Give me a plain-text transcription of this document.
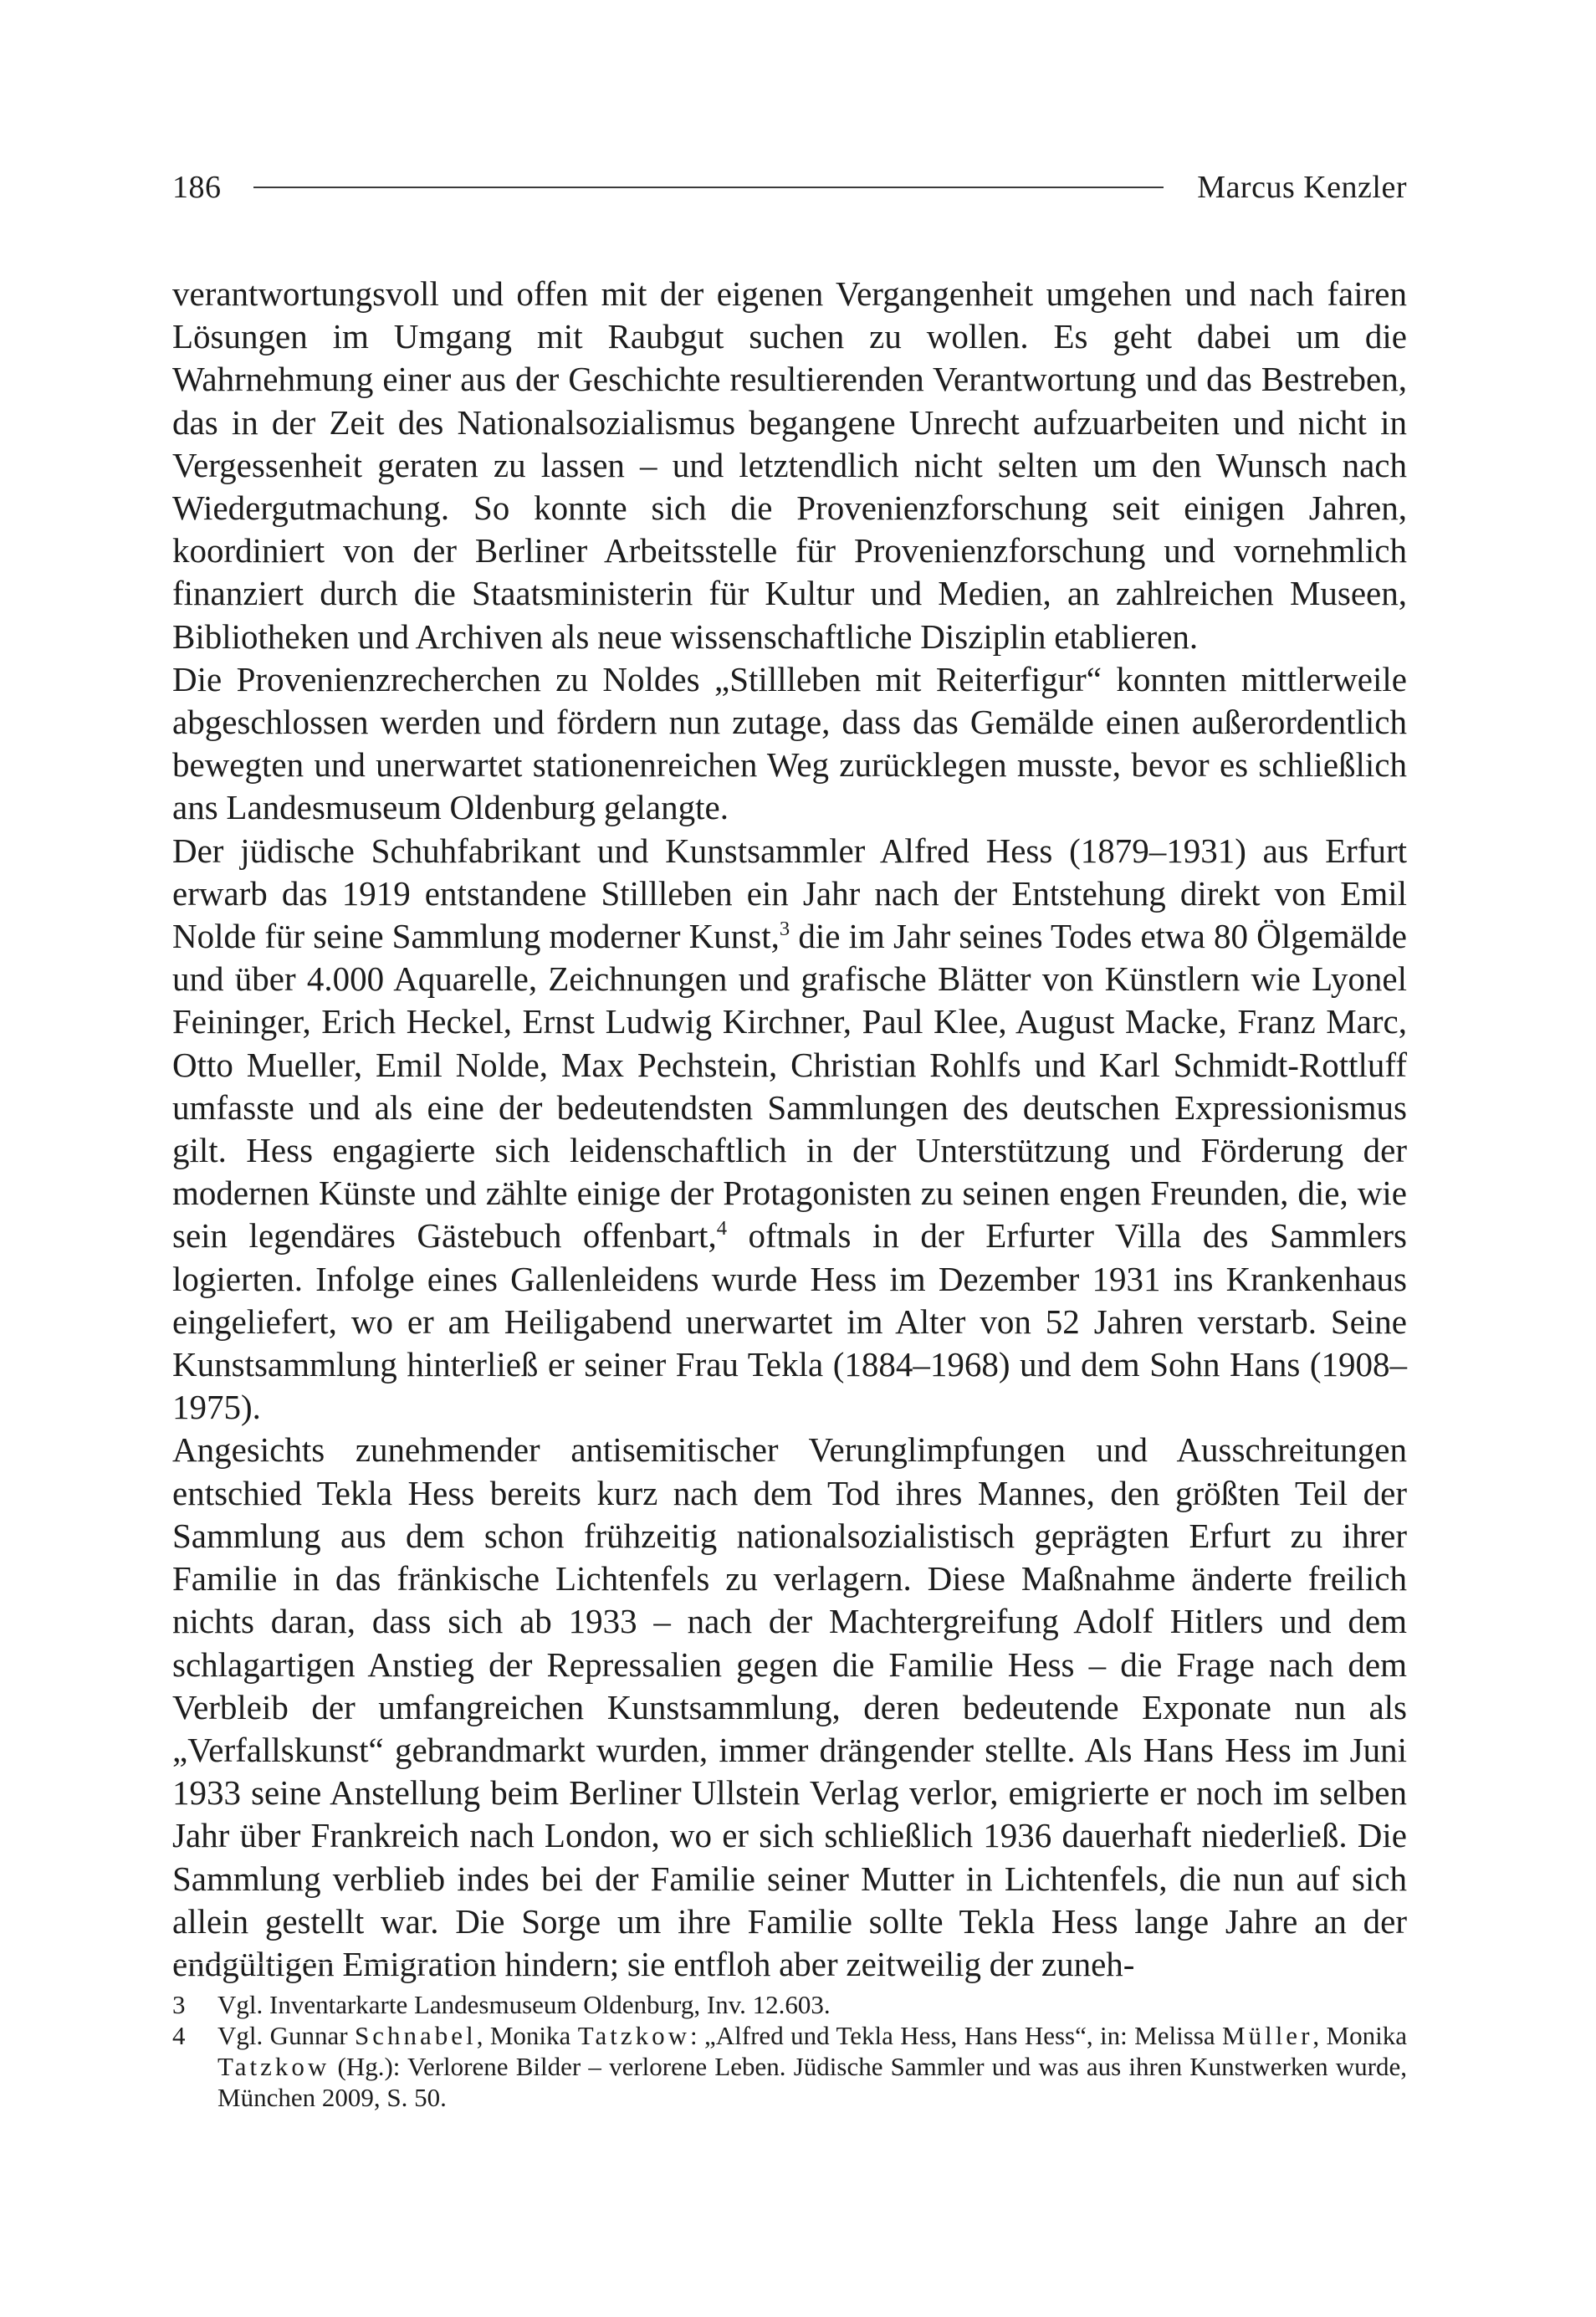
186	Marcus Kenzler

verantwortungsvoll und offen mit der eigenen Vergangenheit umgehen und nach fairen Lösungen im Umgang mit Raubgut suchen zu wollen. Es geht dabei um die Wahrnehmung einer aus der Geschichte resultierenden Verantwortung und das Bestreben, das in der Zeit des Nationalsozialismus begangene Unrecht aufzuarbeiten und nicht in Vergessenheit geraten zu lassen – und letztendlich nicht selten um den Wunsch nach Wiedergutmachung. So konnte sich die Provenienzforschung seit einigen Jahren, koordiniert von der Berliner Arbeitsstelle für Provenienzforschung und vornehmlich finanziert durch die Staatsministerin für Kultur und Medien, an zahlreichen Museen, Bibliotheken und Archiven als neue wissenschaftliche Disziplin etablieren.

Die Provenienzrecherchen zu Noldes „Stillleben mit Reiterfigur“ konnten mittlerweile abgeschlossen werden und fördern nun zutage, dass das Gemälde einen außerordentlich bewegten und unerwartet stationenreichen Weg zurücklegen musste, bevor es schließlich ans Landesmuseum Oldenburg gelangte.

Der jüdische Schuhfabrikant und Kunstsammler Alfred Hess (1879–1931) aus Erfurt erwarb das 1919 entstandene Stillleben ein Jahr nach der Entstehung direkt von Emil Nolde für seine Sammlung moderner Kunst,$^3$ die im Jahr seines Todes etwa 80 Ölgemälde und über 4.000 Aquarelle, Zeichnungen und grafische Blätter von Künstlern wie Lyonel Feininger, Erich Heckel, Ernst Ludwig Kirchner, Paul Klee, August Macke, Franz Marc, Otto Mueller, Emil Nolde, Max Pechstein, Christian Rohlfs und Karl Schmidt-Rottluff umfasste und als eine der bedeutendsten Sammlungen des deutschen Expressionismus gilt. Hess engagierte sich leidenschaftlich in der Unterstützung und Förderung der modernen Künste und zählte einige der Protagonisten zu seinen engen Freunden, die, wie sein legendäres Gästebuch offenbart,$^4$ oftmals in der Erfurter Villa des Sammlers logierten. Infolge eines Gallenleidens wurde Hess im Dezember 1931 ins Krankenhaus eingeliefert, wo er am Heiligabend unerwartet im Alter von 52 Jahren verstarb. Seine Kunstsammlung hinterließ er seiner Frau Tekla (1884–1968) und dem Sohn Hans (1908–1975).

Angesichts zunehmender antisemitischer Verunglimpfungen und Ausschreitungen entschied Tekla Hess bereits kurz nach dem Tod ihres Mannes, den größten Teil der Sammlung aus dem schon frühzeitig nationalsozialistisch geprägten Erfurt zu ihrer Familie in das fränkische Lichtenfels zu verlagern. Diese Maßnahme änderte freilich nichts daran, dass sich ab 1933 – nach der Machtergreifung Adolf Hitlers und dem schlagartigen Anstieg der Repressalien gegen die Familie Hess – die Frage nach dem Verbleib der umfangreichen Kunstsammlung, deren bedeutende Exponate nun als „Verfallskunst“ gebrandmarkt wurden, immer drängender stellte. Als Hans Hess im Juni 1933 seine Anstellung beim Berliner Ullstein Verlag verlor, emigrierte er noch im selben Jahr über Frankreich nach London, wo er sich schließlich 1936 dauerhaft niederließ. Die Sammlung verblieb indes bei der Familie seiner Mutter in Lichtenfels, die nun auf sich allein gestellt war. Die Sorge um ihre Familie sollte Tekla Hess lange Jahre an der endgültigen Emigration hindern; sie entfloh aber zeitweilig der zuneh-

3	Vgl. Inventarkarte Landesmuseum Oldenburg, Inv. 12.603.

4	Vgl. Gunnar Schnabel, Monika Tatzkow: „Alfred und Tekla Hess, Hans Hess“, in: Melissa Müller, Monika Tatzkow (Hg.): Verlorene Bilder – verlorene Leben. Jüdische Sammler und was aus ihren Kunstwerken wurde, München 2009, S. 50.
